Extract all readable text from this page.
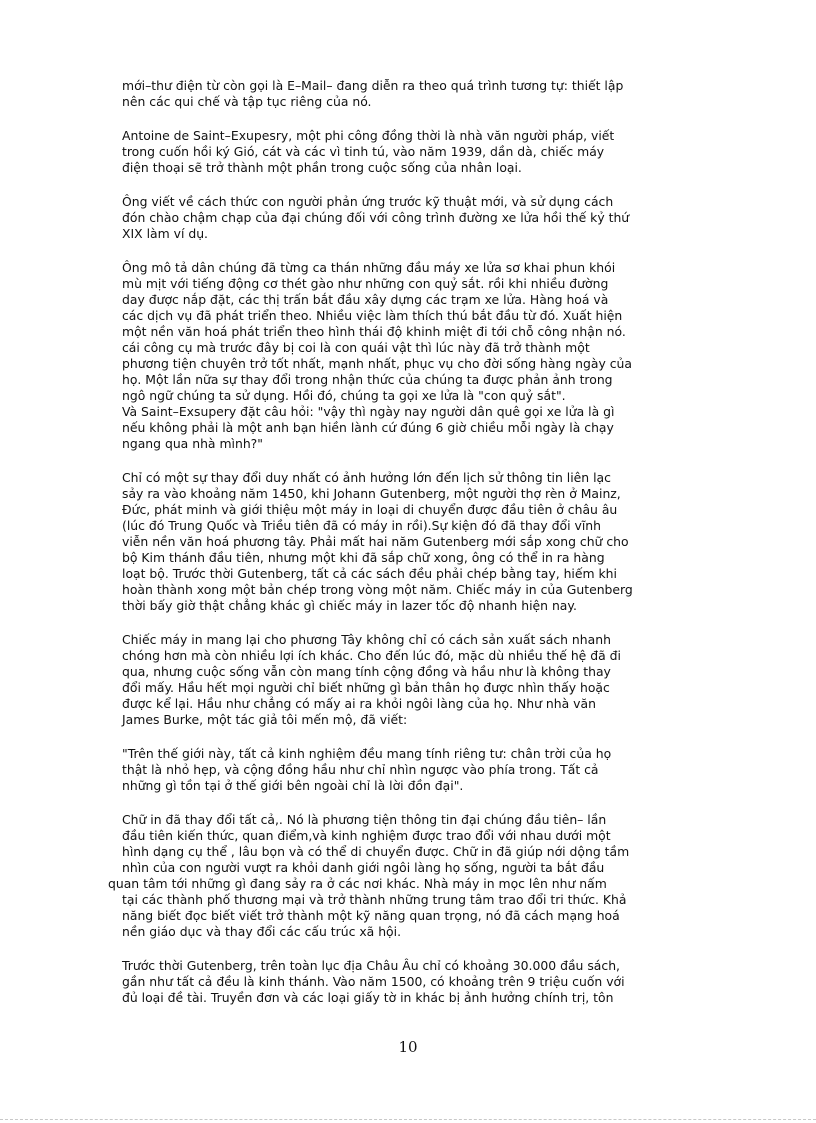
mới–thư điện từ còn gọi là E–Mail– đang diễn ra theo quá trình tương tự: thiết lập
nên các qui chế và tập tục riêng của nó.
Antoine de Saint–Exupesry, một phi công đồng thời là nhà văn người pháp, viết
trong cuốn hồi ký Gió, cát và các vì tinh tú, vào năm 1939, dần dà, chiếc máy
điện thoại sẽ trở thành một phần trong cuộc sống của nhân loại.
Ông viết về cách thức con người phản ứng trước kỹ thuật mới, và sử dụng cách
đón chào chậm chạp của đại chúng đối với công trình đường xe lửa hồi thế kỷ thứ
XIX làm ví dụ.
Ông mô tả dân chúng đã từng ca thán những đầu máy xe lửa sơ khai phun khói
mù mịt với tiếng động cơ thét gào như những con quỷ sắt. rồi khi nhiều đường
day được nắp đặt, các thị trấn bắt đầu xây dựng các trạm xe lửa. Hàng hoá và
các dịch vụ đã phát triển theo. Nhiều việc làm thích thú bắt đầu từ đó. Xuất hiện
một nền văn hoá phát triển theo hình thái độ khinh miệt đi tới chỗ công nhận nó.
cái công cụ mà trước đây bị coi là con quái vật thì lúc này đã trở thành một
phương tiện chuyên trở tốt nhất, mạnh nhất, phục vụ cho đời sống hàng ngày của
họ. Một lần nữa sự thay đổi trong nhận thức của chúng ta được phản ảnh trong
ngô ngữ chúng ta sử dụng. Hồi đó, chúng ta gọi xe lửa là "con quỷ sắt".
Và Saint–Exsupery đặt câu hỏi: "vậy thì ngày nay người dân quê gọi xe lửa là gì
nếu không phải là một anh bạn hiền lành cứ đúng 6 giờ chiều mỗi ngày là chạy
ngang qua nhà mình?"
Chỉ có một sự thay đổi duy nhất có ảnh hưởng lớn đến lịch sử thông tin liên lạc
sảy ra vào khoảng năm 1450, khi Johann Gutenberg, một người thợ rèn ở Mainz,
Đức, phát minh và giới thiệu một máy in loại di chuyển được đầu tiên ở châu âu
(lúc đó Trung Quốc và Triều tiên đã có máy in rồi).Sự kiện đó đã thay đổi vĩnh
viễn nền văn hoá phương tây. Phải mất hai năm Gutenberg mới sắp xong chữ cho
bộ Kim thánh đầu tiên, nhưng một khi đã sắp chữ xong, ông có thể in ra hàng
loạt bộ. Trước thời Gutenberg, tất cả các sách đều phải chép bằng tay, hiếm khi
hoàn thành xong một bản chép trong vòng một năm. Chiếc máy in của Gutenberg
thời bấy giờ thật chẳng khác gì chiếc máy in lazer tốc độ nhanh hiện nay.
Chiếc máy in mang lại cho phương Tây không chỉ có cách sản xuất sách nhanh
chóng hơn mà còn nhiều lợi ích khác. Cho đến lúc đó, mặc dù nhiều thế hệ đã đi
qua, nhưng cuộc sống vẫn còn mang tính cộng đồng và hầu như là không thay
đổi mấy. Hầu hết mọi người chỉ biết những gì bản thân họ được nhìn thấy hoặc
được kể lại. Hầu như chẳng có mấy ai ra khỏi ngôi làng của họ. Như nhà văn
James Burke, một tác giả tôi mến mộ, đã viết:
"Trên thế giới này, tất cả kinh nghiệm đều mang tính riêng tư: chân trời của họ
thật là nhỏ hẹp, và cộng đồng hầu như chỉ nhìn ngược vào phía trong. Tất cả
những gì tồn tại ở thế giới bên ngoài chỉ là lời đồn đại".
Chữ in đã thay đổi tất cả,. Nó là phương tiện thông tin đại chúng đầu tiên– lần
đầu tiên kiến thức, quan điểm,và kinh nghiệm được trao đổi với nhau dưới một
hình dạng cụ thể , lâu bọn và có thể di chuyển được. Chữ in đã giúp nới dộng tầm
nhìn của con người vượt ra khỏi danh giới ngôi làng họ sống, người ta bắt đầu
quan tâm tới những gì đang sảy ra ở các nơi khác. Nhà máy in mọc lên như nấm
tại các thành phố thương mại và trở thành những trung tâm trao đổi tri thức. Khả
năng biết đọc biết viết trở thành một kỹ năng quan trọng, nó đã cách mạng hoá
nền giáo dục và thay đổi các cấu trúc xã hội.
Trước thời Gutenberg, trên toàn lục địa Châu Âu chỉ có khoảng 30.000 đầu sách,
gần như tất cả đều là kinh thánh. Vào năm 1500, có khoảng trên 9 triệu cuốn với
đủ loại đề tài. Truyền đơn và các loại giấy tờ in khác bị ảnh hưởng chính trị, tôn
10
